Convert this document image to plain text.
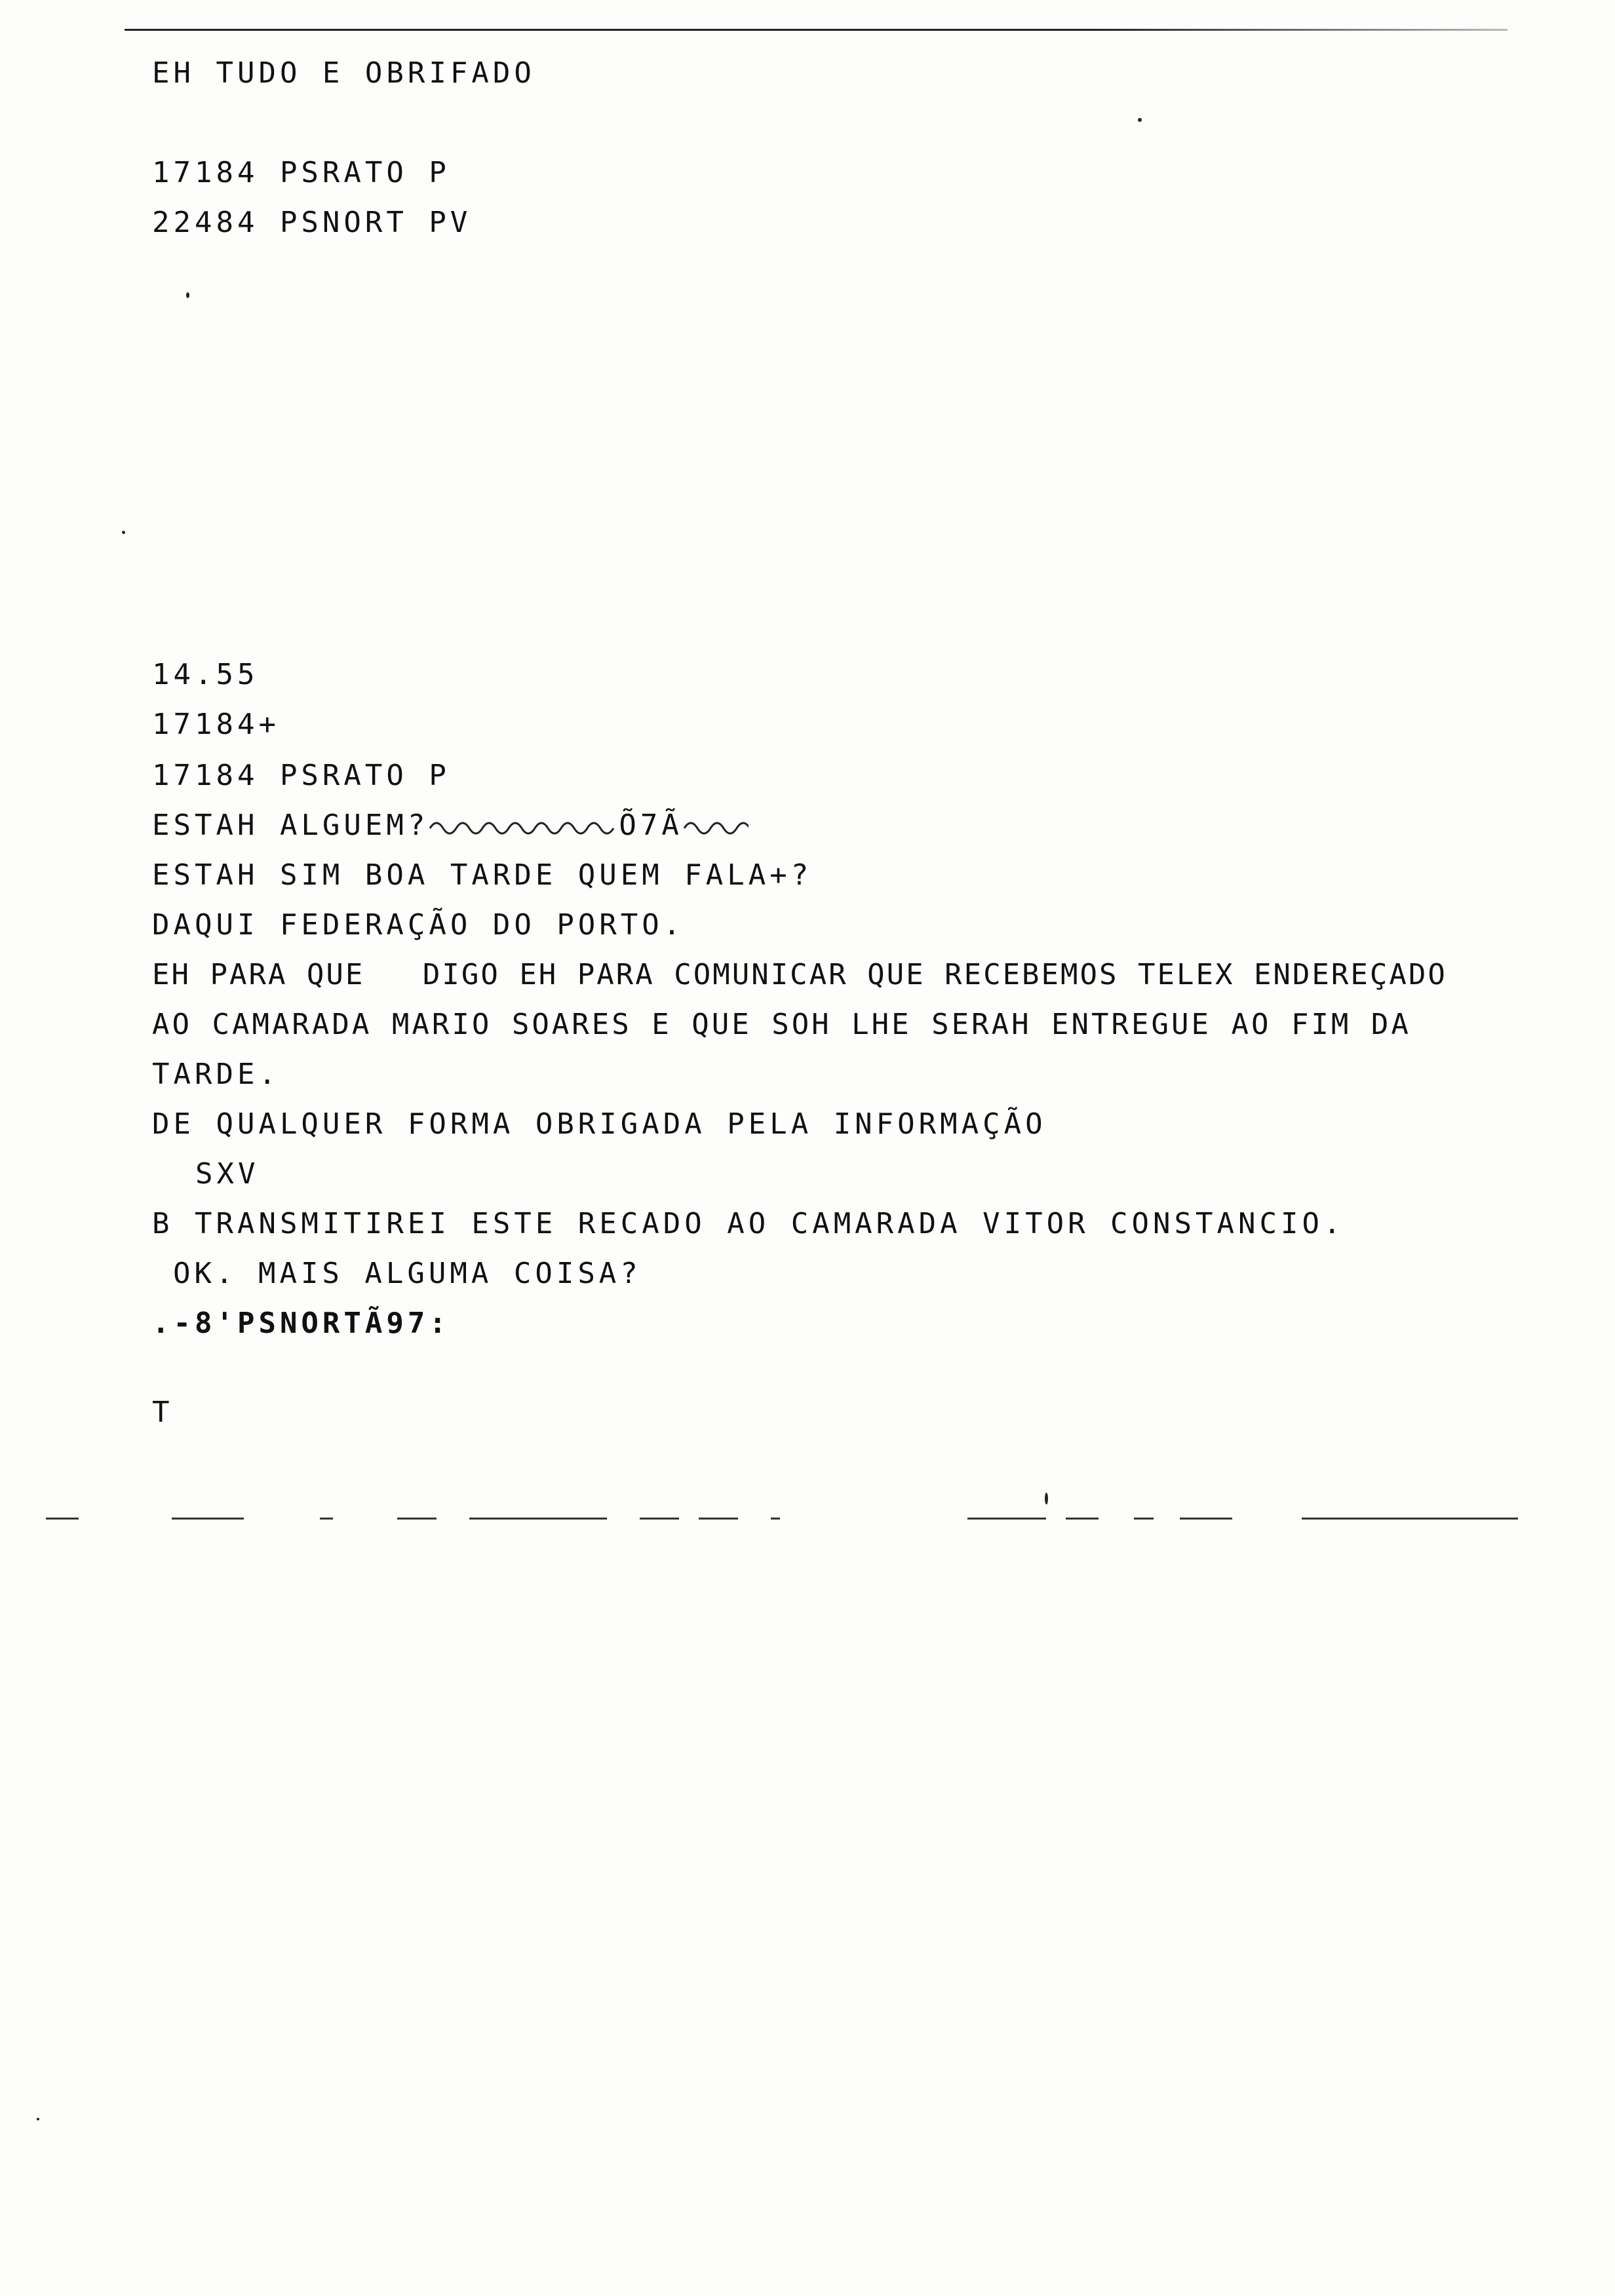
EH TUDO E OBRIFADO
17184 PSRATO P
22484 PSNORT PV
14.55
17184+
17184 PSRATO P
ESTAH ALGUEM?	Õ7Ã
ESTAH SIM BOA TARDE QUEM FALA+?
DAQUI FEDERAÇÃO DO PORTO.
EH PARA QUE   DIGO EH PARA COMUNICAR QUE RECEBEMOS TELEX ENDEREÇADO
AO CAMARADA MARIO SOARES E QUE SOH LHE SERAH ENTREGUE AO FIM DA
TARDE.
DE QUALQUER FORMA OBRIGADA PELA INFORMAÇÃO
SXV
B TRANSMITIREI ESTE RECADO AO CAMARADA VITOR CONSTANCIO.
OK. MAIS ALGUMA COISA?
.-8'PSNORTÃ97:
T
